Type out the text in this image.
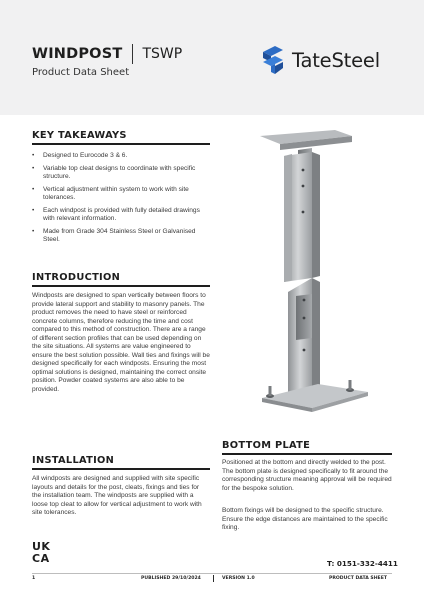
WINDPOST TSWP
Product Data Sheet
TateSteel
KEY TAKEAWAYS
• Designed to Eurocode 3 & 6.
• Variable top cleat designs to coordinate with specific structure.
• Vertical adjustment within system to work with site tolerances.
• Each windpost is provided with fully detailed drawings with relevant information.
• Made from Grade 304 Stainless Steel or Galvanised Steel.
INTRODUCTION

Windposts are designed to span vertically between floors to provide lateral support and stability to masonry panels. The product removes the need to have steel or reinforced concrete columns, therefore reducing the time and cost compared to this method of construction. There are a range of different section profiles that can be used depending on the site situations. All systems are value engineered to ensure the best solution possible. Wall ties and fixings will be designed specifically for each windposts. Ensuring the most optimal solutions is designed, maintaining the correct onsite position. Powder coated systems are also able to be provided.

INSTALLATION

All windposts are designed and supplied with site specific layouts and details for the post, cleats, fixings and ties for the installation team. The windposts are supplied with a loose top cleat to allow for vertical adjustment to work with site tolerances.

BOTTOM PLATE

Positioned at the bottom and directly welded to the post. The bottom plate is designed specifically to fit around the corresponding structure meaning approval will be required for the bespoke solution.

Bottom fixings will be designed to the specific structure. Ensure the edge distances are maintained to the specific fixing.

UK
CA	T: 0151-332-4411
1	PUBLISHED 29/10/2024	VERSION 1.0	PRODUCT DATA SHEET
